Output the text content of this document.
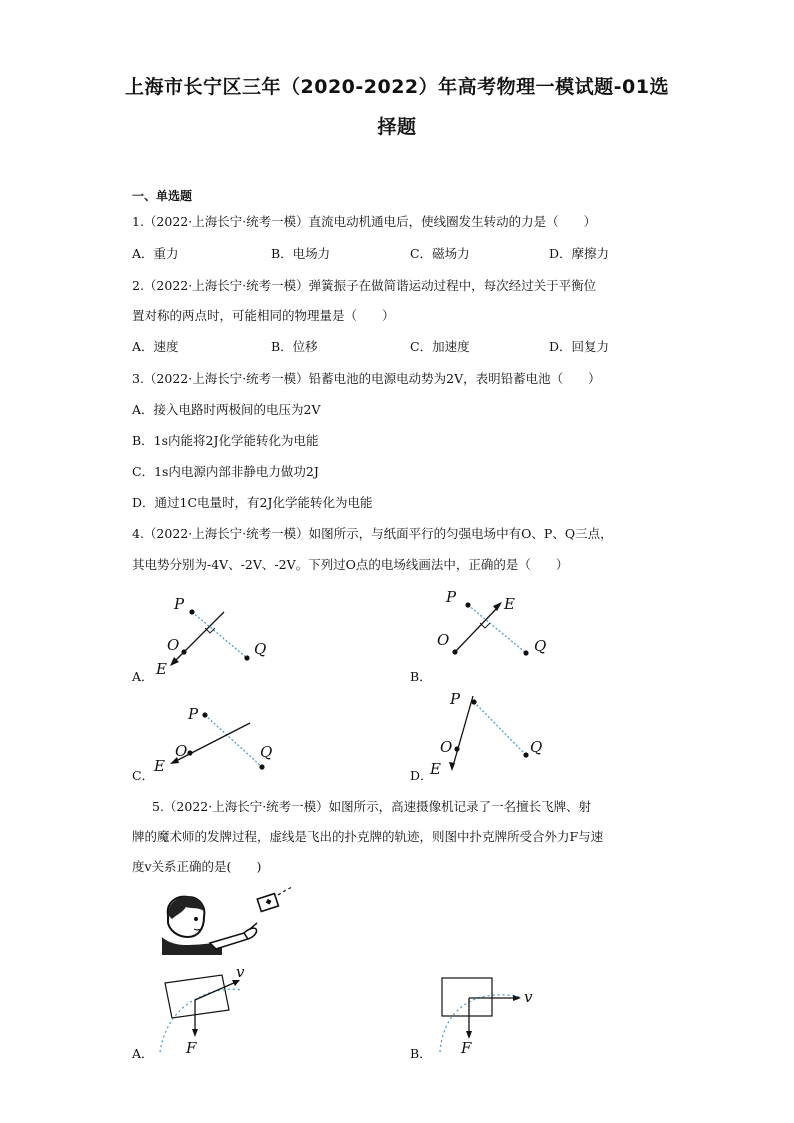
上海市长宁区三年（2020-2022）年高考物理一模试题-01选
择题
一、单选题
1.（2022·上海长宁·统考一模）直流电动机通电后，使线圈发生转动的力是（　　）
A．重力	B．电场力	C．磁场力	D．摩擦力
2.（2022·上海长宁·统考一模）弹簧振子在做简谐运动过程中，每次经过关于平衡位
置对称的两点时，可能相同的物理量是（　　）
A．速度	B．位移	C．加速度	D．回复力
3.（2022·上海长宁·统考一模）铅蓄电池的电源电动势为2V，表明铅蓄电池（　　）
A．接入电路时两极间的电压为2V
B．1s内能将2J化学能转化为电能
C．1s内电源内部非静电力做功2J
D．通过1C电量时，有2J化学能转化为电能
4.（2022·上海长宁·统考一模）如图所示，与纸面平行的匀强电场中有O、P、Q三点，
其电势分别为-4V、-2V、-2V。下列过O点的电场线画法中，正确的是（　　）
P
O	Q
E
A．
P
O	Q
E
B．
P
O	Q
E
C．
P
O	Q
E
D．
5.（2022·上海长宁·统考一模）如图所示，高速摄像机记录了一名擅长飞牌、射
牌的魔术师的发牌过程，虚线是飞出的扑克牌的轨迹，则图中扑克牌所受合外力F与速
度v关系正确的是(　　)
v
F
A．
v
F
B．
